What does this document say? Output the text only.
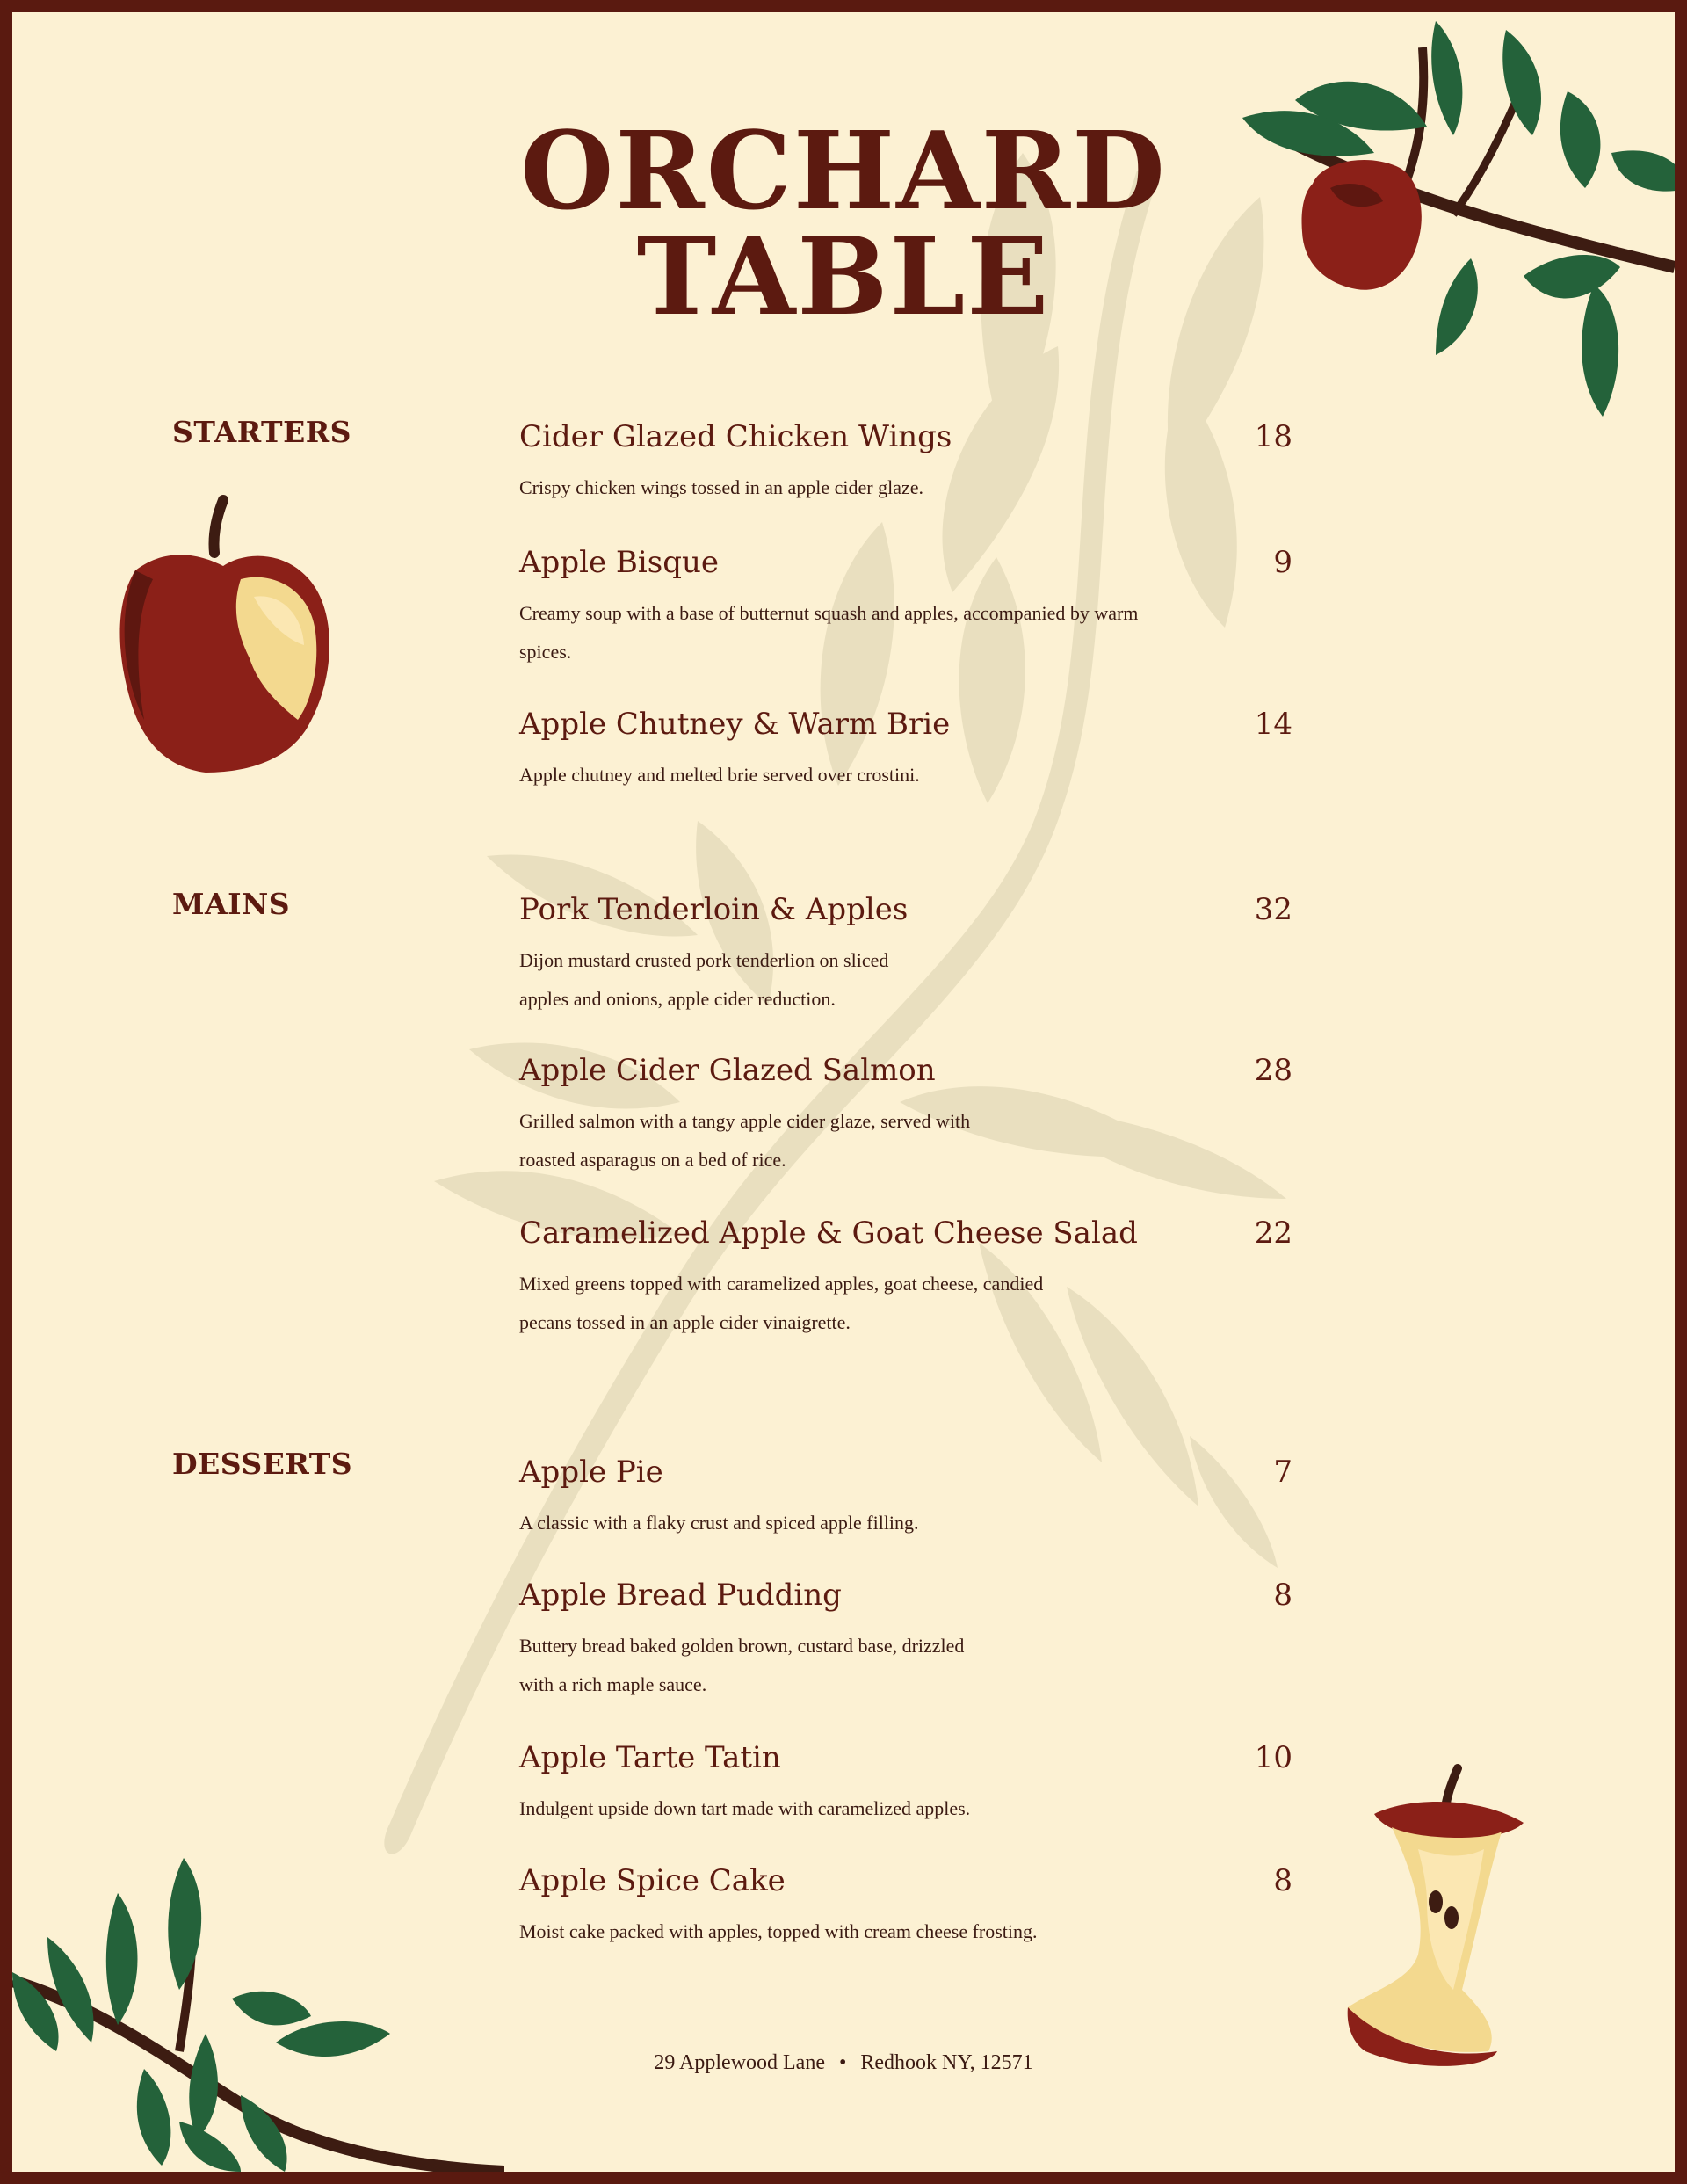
ORCHARD
TABLE
STARTERS	Cider Glazed Chicken Wings	18
Crispy chicken wings tossed in an apple cider glaze.
Apple Bisque	9
Creamy soup with a base of butternut squash and apples, accompanied by warm spices.
Apple Chutney & Warm Brie	14
Apple chutney and melted brie served over crostini.
MAINS	Pork Tenderloin & Apples	32
Dijon mustard crusted pork tenderlion on sliced apples and onions, apple cider reduction.
Apple Cider Glazed Salmon	28
Grilled salmon with a tangy apple cider glaze, served with roasted asparagus on a bed of rice.
Caramelized Apple & Goat Cheese Salad	22
Mixed greens topped with caramelized apples, goat cheese, candied pecans tossed in an apple cider vinaigrette.
DESSERTS	Apple Pie	7
A classic with a flaky crust and spiced apple filling.
Apple Bread Pudding	8
Buttery bread baked golden brown, custard base, drizzled with a rich maple sauce.
Apple Tarte Tatin	10
Indulgent upside down tart made with caramelized apples.
Apple Spice Cake	8
Moist cake packed with apples, topped with cream cheese frosting.
29 Applewood Lane • Redhook NY, 12571
